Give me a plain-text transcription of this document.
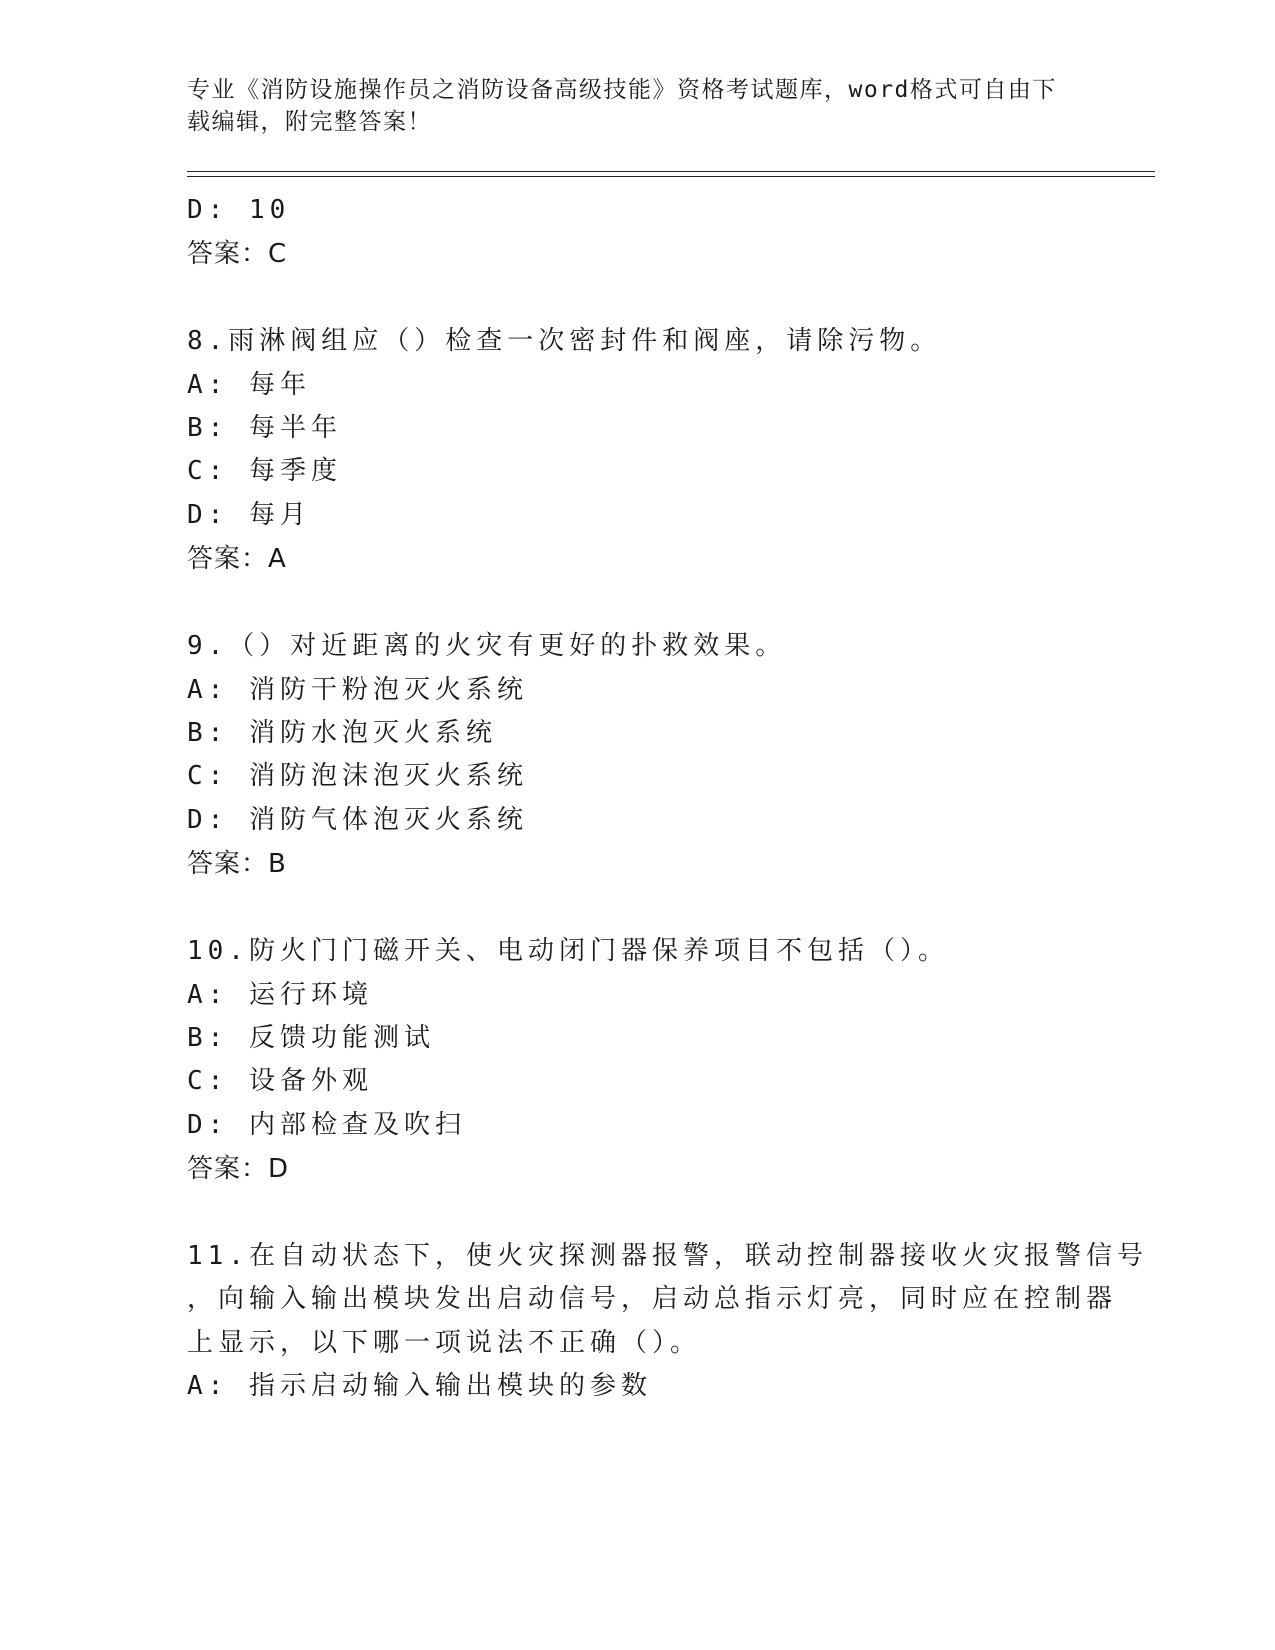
专业《消防设施操作员之消防设备高级技能》资格考试题库，word格式可自由下
载编辑，附完整答案！
D: 10
答案：C
8.雨淋阀组应（）检查一次密封件和阀座，请除污物。
A: 每年
B: 每半年
C: 每季度
D: 每月
答案：A
9.（）对近距离的火灾有更好的扑救效果。
A: 消防干粉泡灭火系统
B: 消防水泡灭火系统
C: 消防泡沫泡灭火系统
D: 消防气体泡灭火系统
答案：B
10.防火门门磁开关、电动闭门器保养项目不包括（）。
A: 运行环境
B: 反馈功能测试
C: 设备外观
D: 内部检查及吹扫
答案：D
11.在自动状态下，使火灾探测器报警，联动控制器接收火灾报警信号
，向输入输出模块发出启动信号，启动总指示灯亮，同时应在控制器
上显示，以下哪一项说法不正确（）。
A: 指示启动输入输出模块的参数
